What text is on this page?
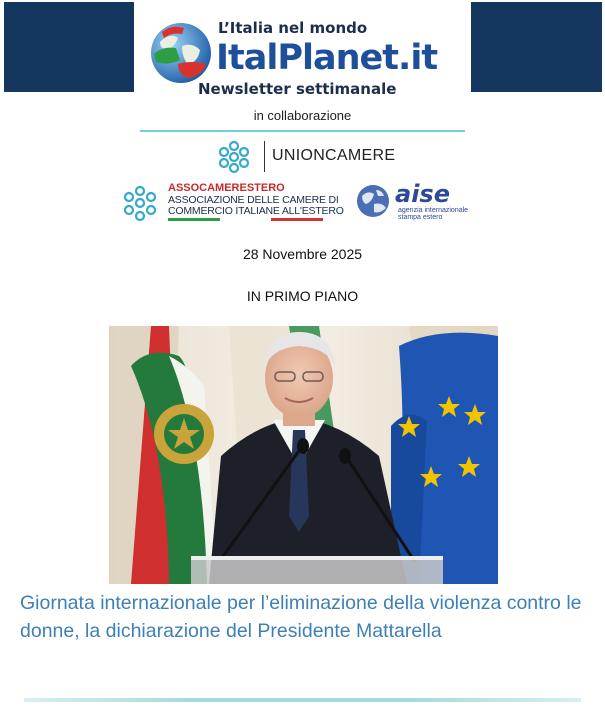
L’Italia nel mondo
ItalPlanet.it
Newsletter settimanale
in collaborazione
UNIONCAMERE
ASSOCAMERESTERO
ASSOCIAZIONE DELLE CAMERE DI
COMMERCIO ITALIANE ALL'ESTERO
aise
agenzia internazionale stampa estero
28 Novembre 2025
IN PRIMO PIANO
Giornata internazionale per l’eliminazione della violenza contro le donne, la dichiarazione del Presidente Mattarella
